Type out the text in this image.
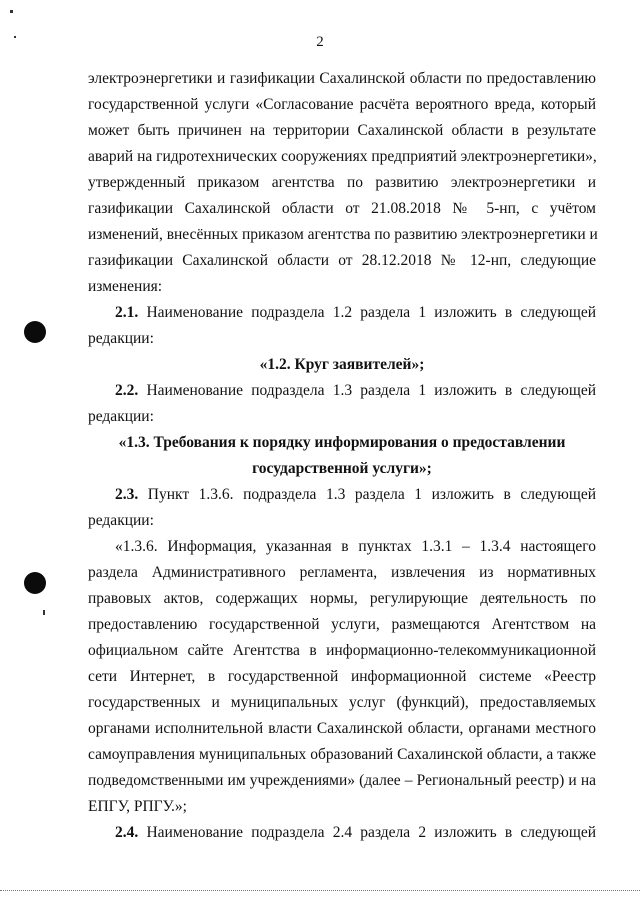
2
электроэнергетики и газификации Сахалинской области по предоставлению
государственной услуги «Согласование расчёта вероятного вреда, который
может быть причинен на территории Сахалинской области в результате
аварий на гидротехнических сооружениях предприятий электроэнергетики»,
утвержденный приказом агентства по развитию электроэнергетики и
газификации Сахалинской области от 21.08.2018 № 5-нп, с учётом
изменений, внесённых приказом агентства по развитию электроэнергетики и
газификации Сахалинской области от 28.12.2018 № 12-нп, следующие
изменения:
2.1. Наименование подраздела 1.2 раздела 1 изложить в следующей
редакции:
«1.2. Круг заявителей»;
2.2. Наименование подраздела 1.3 раздела 1 изложить в следующей
редакции:
«1.3. Требования к порядку информирования о предоставлении
государственной услуги»;
2.3. Пункт 1.3.6. подраздела 1.3 раздела 1 изложить в следующей
редакции:
«1.3.6. Информация, указанная в пунктах 1.3.1 – 1.3.4 настоящего
раздела Административного регламента, извлечения из нормативных
правовых актов, содержащих нормы, регулирующие деятельность по
предоставлению государственной услуги, размещаются Агентством на
официальном сайте Агентства в информационно-телекоммуникационной
сети Интернет, в государственной информационной системе «Реестр
государственных и муниципальных услуг (функций), предоставляемых
органами исполнительной власти Сахалинской области, органами местного
самоуправления муниципальных образований Сахалинской области, а также
подведомственными им учреждениями» (далее – Региональный реестр) и на
ЕПГУ, РПГУ.»;
2.4. Наименование подраздела 2.4 раздела 2 изложить в следующей
